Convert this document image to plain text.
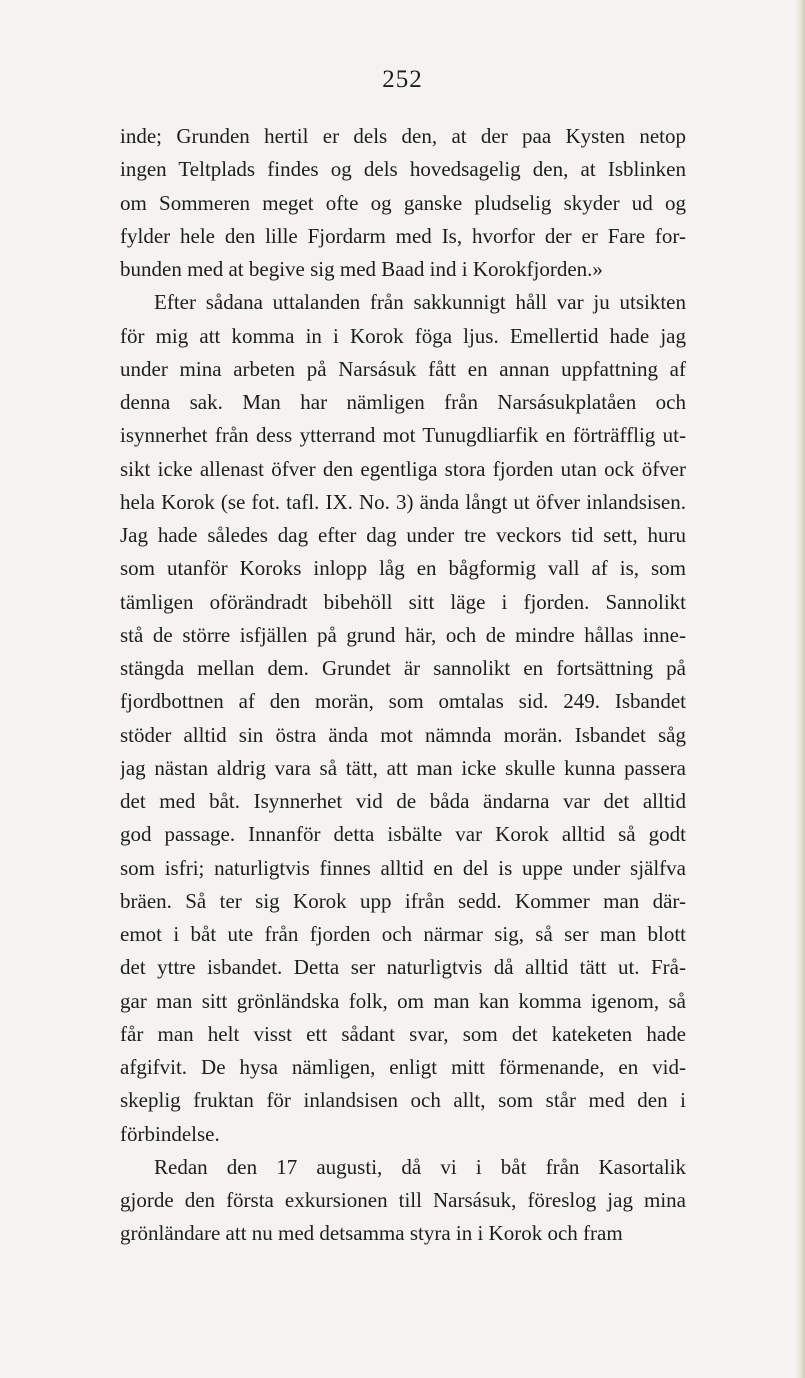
252
inde; Grunden hertil er dels den, at der paa Kysten netop
ingen Teltplads findes og dels hovedsagelig den, at Isblinken
om Sommeren meget ofte og ganske pludselig skyder ud og
fylder hele den lille Fjordarm med Is, hvorfor der er Fare for-
bunden med at begive sig med Baad ind i Korokfjorden.»
Efter sådana uttalanden från sakkunnigt håll var ju utsikten
för mig att komma in i Korok föga ljus. Emellertid hade jag
under mina arbeten på Narsásuk fått en annan uppfattning af
denna sak. Man har nämligen från Narsásukplatåen och
isynnerhet från dess ytterrand mot Tunugdliarfik en förträfflig ut-
sikt icke allenast öfver den egentliga stora fjorden utan ock öfver
hela Korok (se fot. tafl. IX. No. 3) ända långt ut öfver inlandsisen.
Jag hade således dag efter dag under tre veckors tid sett, huru
som utanför Koroks inlopp låg en bågformig vall af is, som
tämligen oförändradt bibehöll sitt läge i fjorden. Sannolikt
stå de större isfjällen på grund här, och de mindre hållas inne-
stängda mellan dem. Grundet är sannolikt en fortsättning på
fjordbottnen af den morän, som omtalas sid. 249. Isbandet
stöder alltid sin östra ända mot nämnda morän. Isbandet såg
jag nästan aldrig vara så tätt, att man icke skulle kunna passera
det med båt. Isynnerhet vid de båda ändarna var det alltid
god passage. Innanför detta isbälte var Korok alltid så godt
som isfri; naturligtvis finnes alltid en del is uppe under själfva
bräen. Så ter sig Korok upp ifrån sedd. Kommer man där-
emot i båt ute från fjorden och närmar sig, så ser man blott
det yttre isbandet. Detta ser naturligtvis då alltid tätt ut. Frå-
gar man sitt grönländska folk, om man kan komma igenom, så
får man helt visst ett sådant svar, som det kateketen hade
afgifvit. De hysa nämligen, enligt mitt förmenande, en vid-
skeplig fruktan för inlandsisen och allt, som står med den i
förbindelse.
Redan den 17 augusti, då vi i båt från Kasortalik
gjorde den första exkursionen till Narsásuk, föreslog jag mina
grönländare att nu med detsamma styra in i Korok och fram
